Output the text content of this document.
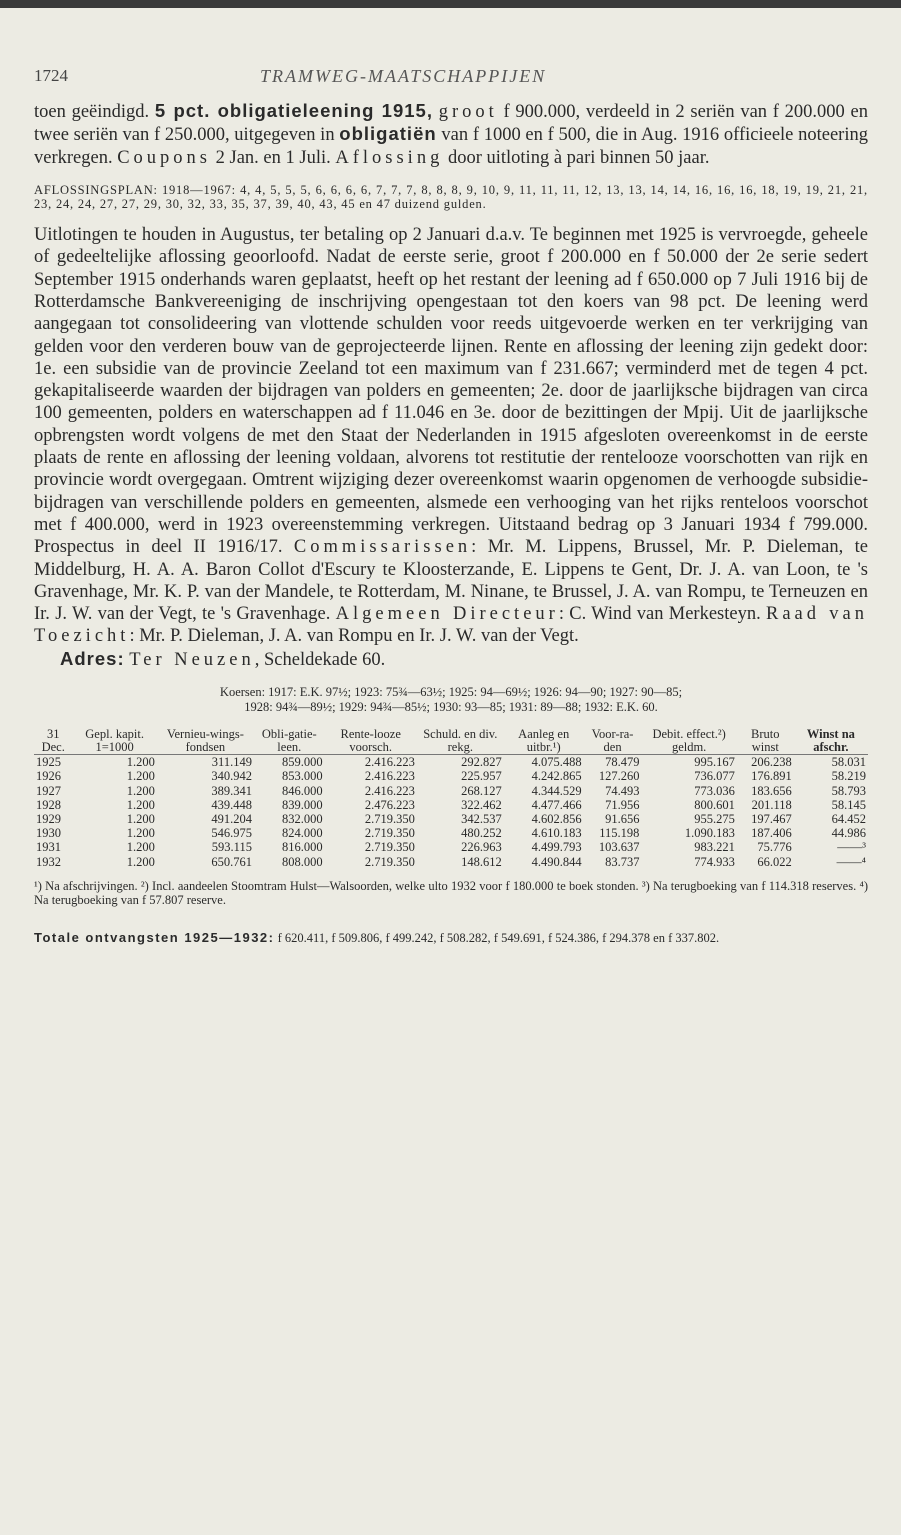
1724	TRAMWEG-MAATSCHAPPIJEN

toen geëindigd. 5 pct. obligatieleening 1915, groot f 900.000, verdeeld in 2 seriën van f 200.000 en twee seriën van f 250.000, uitgegeven in obligatiën van f 1000 en f 500, die in Aug. 1916 officieele noteering verkregen. Coupons 2 Jan. en 1 Juli. Aflossing door uitloting à pari binnen 50 jaar.

AFLOSSINGSPLAN: 1918—1967: 4, 4, 5, 5, 5, 6, 6, 6, 6, 7, 7, 7, 8, 8, 8, 9, 10, 9, 11, 11, 11, 12, 13, 13, 14, 14, 16, 16, 16, 18, 19, 19, 21, 21, 23, 24, 24, 27, 27, 29, 30, 32, 33, 35, 37, 39, 40, 43, 45 en 47 duizend gulden.

Uitlotingen te houden in Augustus, ter betaling op 2 Januari d.a.v. Te beginnen met 1925 is vervroegde, geheele of gedeeltelijke aflossing geoorloofd. Nadat de eerste serie, groot f 200.000 en f 50.000 der 2e serie sedert September 1915 onderhands waren geplaatst, heeft op het restant der leening ad f 650.000 op 7 Juli 1916 bij de Rotterdamsche Bankvereeniging de inschrijving opengestaan tot den koers van 98 pct. De leening werd aangegaan tot consolideering van vlottende schulden voor reeds uitgevoerde werken en ter verkrijging van gelden voor den verderen bouw van de geprojecteerde lijnen. Rente en aflossing der leening zijn gedekt door: 1e. een subsidie van de provincie Zeeland tot een maximum van f 231.667; verminderd met de tegen 4 pct. gekapitaliseerde waarden der bijdragen van polders en gemeenten; 2e. door de jaarlijksche bijdragen van circa 100 gemeenten, polders en waterschappen ad f 11.046 en 3e. door de bezittingen der Mpij. Uit de jaarlijksche opbrengsten wordt volgens de met den Staat der Nederlanden in 1915 afgesloten overeenkomst in de eerste plaats de rente en aflossing der leening voldaan, alvorens tot restitutie der rentelooze voorschotten van rijk en provincie wordt overgegaan. Omtrent wijziging dezer overeenkomst waarin opgenomen de verhoogde subsidie-bijdragen van verschillende polders en gemeenten, alsmede een verhooging van het rijks renteloos voorschot met f 400.000, werd in 1923 overeenstemming verkregen. Uitstaand bedrag op 3 Januari 1934 f 799.000. Prospectus in deel II 1916/17. Commissarissen: Mr. M. Lippens, Brussel, Mr. P. Dieleman, te Middelburg, H. A. A. Baron Collot d'Escury te Kloosterzande, E. Lippens te Gent, Dr. J. A. van Loon, te 's Gravenhage, Mr. K. P. van der Mandele, te Rotterdam, M. Ninane, te Brussel, J. A. van Rompu, te Terneuzen en Ir. J. W. van der Vegt, te 's Gravenhage. Algemeen Directeur: C. Wind van Merkesteyn. Raad van Toezicht: Mr. P. Dieleman, J. A. van Rompu en Ir. J. W. van der Vegt.

Adres: Ter Neuzen, Scheldekade 60.

Koersen: 1917: E.K. 97½; 1923: 75¾—63½; 1925: 94—69½; 1926: 94—90; 1927: 90—85;
1928: 94¾—89½; 1929: 94¾—85½; 1930: 93—85; 1931: 89—88; 1932: E.K. 60.
31 Dec.	Gepl. kapit. 1=1000	Vernieu-wings-fondsen	Obli-gatie-leen.	Rente-looze voorsch.	Schuld. en div. rekg.	Aanleg en uitbr.¹)	Voor-ra-den	Debit. effect.²) geldm.	Bruto winst	Winst na afschr.
1925	1.200	311.149	859.000	2.416.223	292.827	4.075.488	78.479	995.167	206.238	58.031
1926	1.200	340.942	853.000	2.416.223	225.957	4.242.865	127.260	736.077	176.891	58.219
1927	1.200	389.341	846.000	2.416.223	268.127	4.344.529	74.493	773.036	183.656	58.793
1928	1.200	439.448	839.000	2.476.223	322.462	4.477.466	71.956	800.601	201.118	58.145
1929	1.200	491.204	832.000	2.719.350	342.537	4.602.856	91.656	955.275	197.467	64.452
1930	1.200	546.975	824.000	2.719.350	480.252	4.610.183	115.198	1.090.183	187.406	44.986
1931	1.200	593.115	816.000	2.719.350	226.963	4.499.793	103.637	983.221	75.776	——³
1932	1.200	650.761	808.000	2.719.350	148.612	4.490.844	83.737	774.933	66.022	——⁴

¹) Na afschrijvingen. ²) Incl. aandeelen Stoomtram Hulst—Walsoorden, welke ulto 1932 voor f 180.000 te boek stonden. ³) Na terugboeking van f 114.318 reserves. ⁴) Na terugboeking van f 57.807 reserve.

Totale ontvangsten 1925—1932: f 620.411, f 509.806, f 499.242, f 508.282, f 549.691, f 524.386, f 294.378 en f 337.802.
